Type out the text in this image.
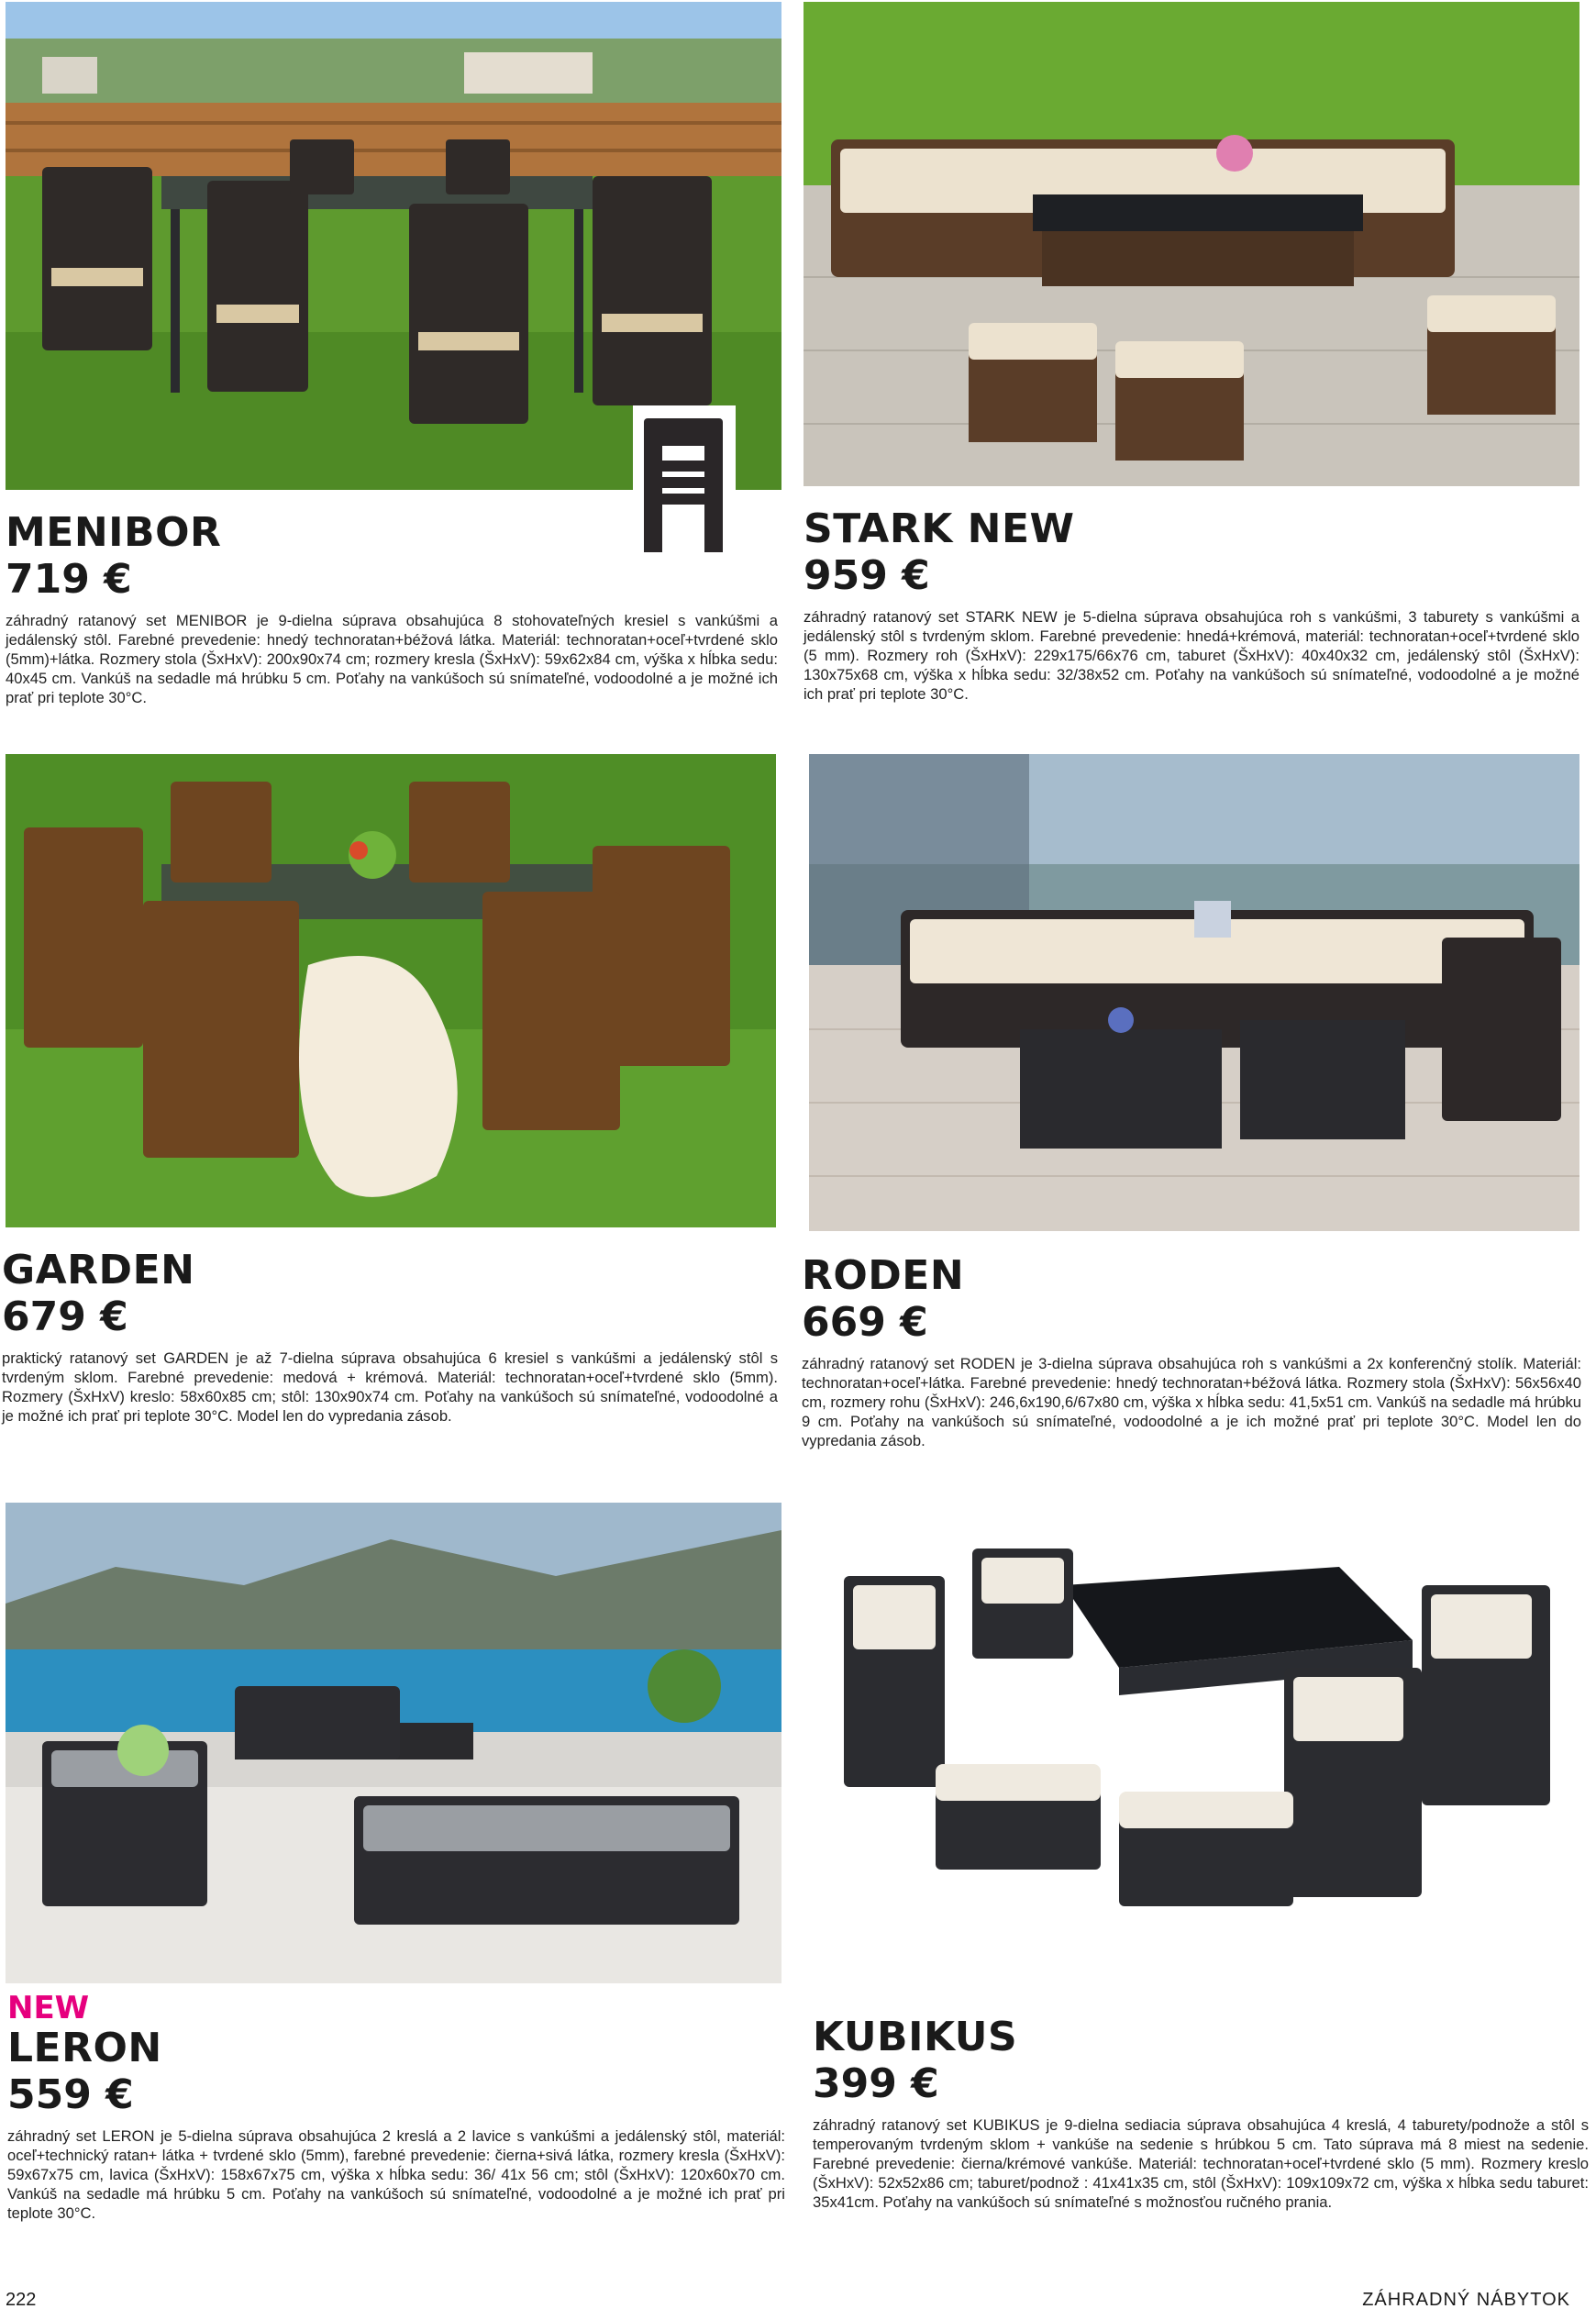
MENIBOR
719 €
záhradný ratanový set MENIBOR je 9-dielna súprava obsahujúca 8 stohovateľných kresiel s vankúšmi a jedálenský stôl. Farebné prevedenie: hnedý technoratan+béžová látka. Materiál: technoratan+oceľ+tvrdené sklo (5mm)+látka. Rozmery stola (ŠxHxV): 200x90x74 cm; rozmery kresla (ŠxHxV): 59x62x84 cm, výška x hĺbka sedu: 40x45 cm. Vankúš na sedadle má hrúbku 5 cm. Poťahy na vankúšoch sú snímateľné, vodoodolné a je možné ich prať pri teplote 30°C.
STARK NEW
959 €
záhradný ratanový set STARK NEW je 5-dielna súprava obsahujúca roh s vankúšmi, 3 taburety s vankúšmi a jedálenský stôl s tvrdeným sklom. Farebné prevedenie: hnedá+krémová, materiál: technoratan+oceľ+tvrdené sklo (5 mm). Rozmery roh (ŠxHxV): 229x175/66x76 cm, taburet (ŠxHxV): 40x40x32 cm, jedálenský stôl (ŠxHxV): 130x75x68 cm, výška x hĺbka sedu: 32/38x52 cm. Poťahy na vankúšoch sú snímateľné, vodoodolné a je možné ich prať pri teplote 30°C.
GARDEN
679 €
praktický ratanový set GARDEN je až 7-dielna súprava obsahujúca 6 kresiel s vankúšmi a jedálenský stôl s tvrdeným sklom. Farebné prevedenie: medová + krémová. Materiál: technoratan+oceľ+tvrdené sklo (5mm). Rozmery (ŠxHxV) kreslo: 58x60x85 cm; stôl: 130x90x74 cm. Poťahy na vankúšoch sú snímateľné, vodoodolné a je možné ich prať pri teplote 30°C. Model len do vypredania zásob.
RODEN
669 €
záhradný ratanový set RODEN je 3-dielna súprava obsahujúca roh s vankúšmi a 2x konferenčný stolík. Materiál: technoratan+oceľ+látka. Farebné prevedenie: hnedý technoratan+béžová látka. Rozmery stola (ŠxHxV): 56x56x40 cm, rozmery rohu (ŠxHxV): 246,6x190,6/67x80 cm, výška x hĺbka sedu: 41,5x51 cm. Vankúš na sedadle má hrúbku 9 cm. Poťahy na vankúšoch sú snímateľné, vodoodolné a je ich možné prať pri teplote 30°C. Model len do vypredania zásob.
NEW
LERON
559 €
záhradný set LERON je 5-dielna súprava obsahujúca 2 kreslá a 2 lavice s vankúšmi a jedálenský stôl, materiál: oceľ+technický ratan+ látka + tvrdené sklo (5mm), farebné prevedenie: čierna+sivá látka, rozmery kresla (ŠxHxV): 59x67x75 cm, lavica (ŠxHxV): 158x67x75 cm, výška x hĺbka sedu: 36/ 41x 56 cm; stôl (ŠxHxV): 120x60x70 cm. Vankúš na sedadle má hrúbku 5 cm. Poťahy na vankúšoch sú snímateľné, vodoodolné a je možné ich prať pri teplote 30°C.
KUBIKUS
399 €
záhradný ratanový set KUBIKUS je 9-dielna sediacia súprava obsahujúca 4 kreslá, 4 taburety/podnože a stôl s temperovaným tvrdeným sklom + vankúše na sedenie s hrúbkou 5 cm. Tato súprava má 8 miest na sedenie. Farebné prevedenie: čierna/krémové vankúše. Materiál: technoratan+oceľ+tvrdené sklo (5 mm). Rozmery kreslo (ŠxHxV): 52x52x86 cm; taburet/podnož : 41x41x35 cm, stôl (ŠxHxV): 109x109x72 cm, výška x hĺbka sedu taburet: 35x41cm. Poťahy na vankúšoch sú snímateľné s možnosťou ručného prania.
222	ZÁHRADNÝ NÁBYTOK
